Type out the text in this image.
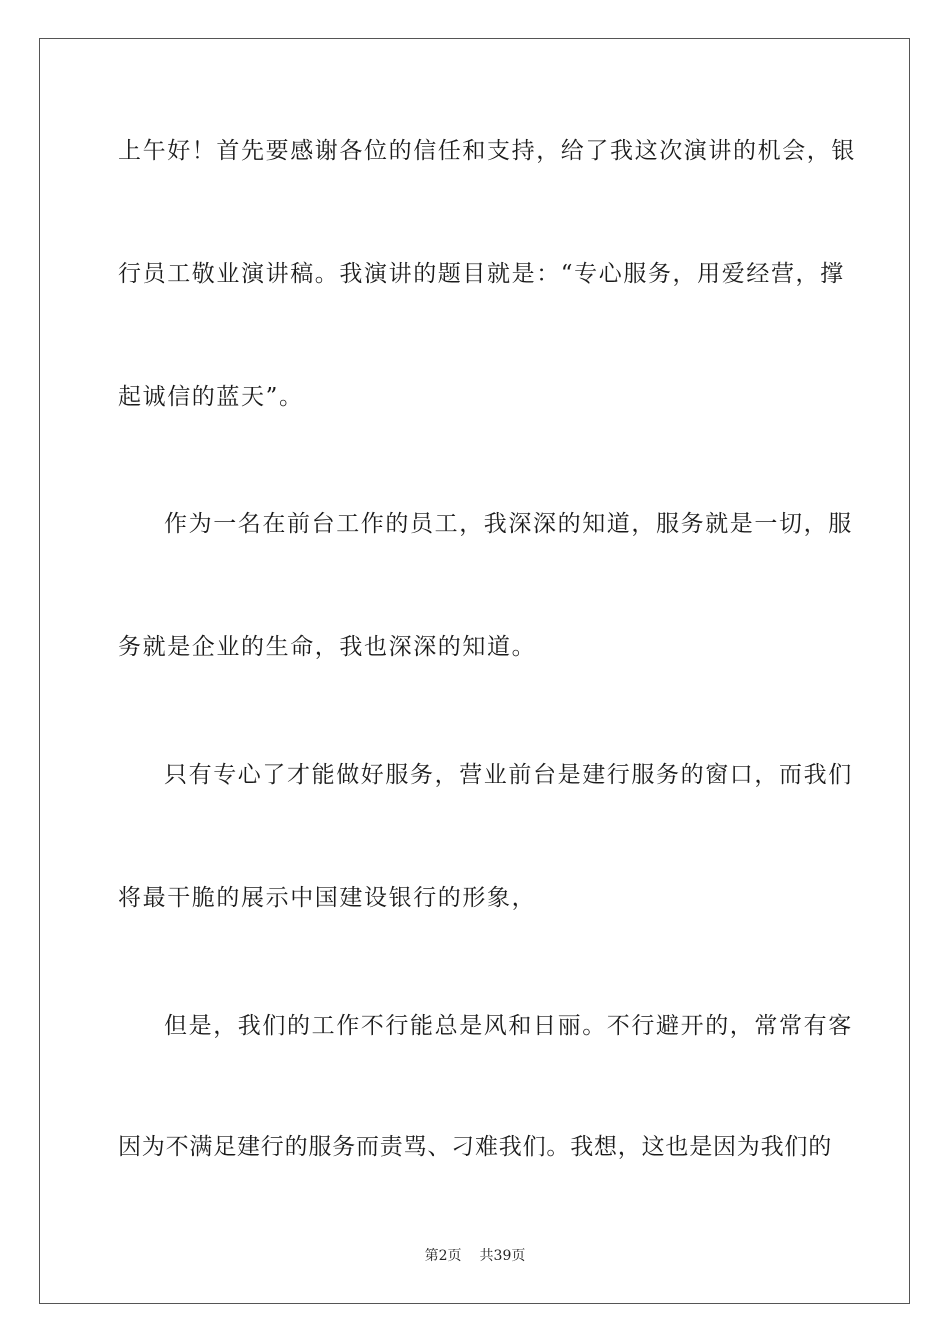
上午好！首先要感谢各位的信任和支持，给了我这次演讲的机会，银
行员工敬业演讲稿。我演讲的题目就是：“专心服务，用爱经营，撑
起诚信的蓝天”。
作为一名在前台工作的员工，我深深的知道，服务就是一切，服
务就是企业的生命，我也深深的知道。
只有专心了才能做好服务，营业前台是建行服务的窗口，而我们
将最干脆的展示中国建设银行的形象，
但是，我们的工作不行能总是风和日丽。不行避开的，常常有客
因为不满足建行的服务而责骂、刁难我们。我想，这也是因为我们的
第2页 共39页
